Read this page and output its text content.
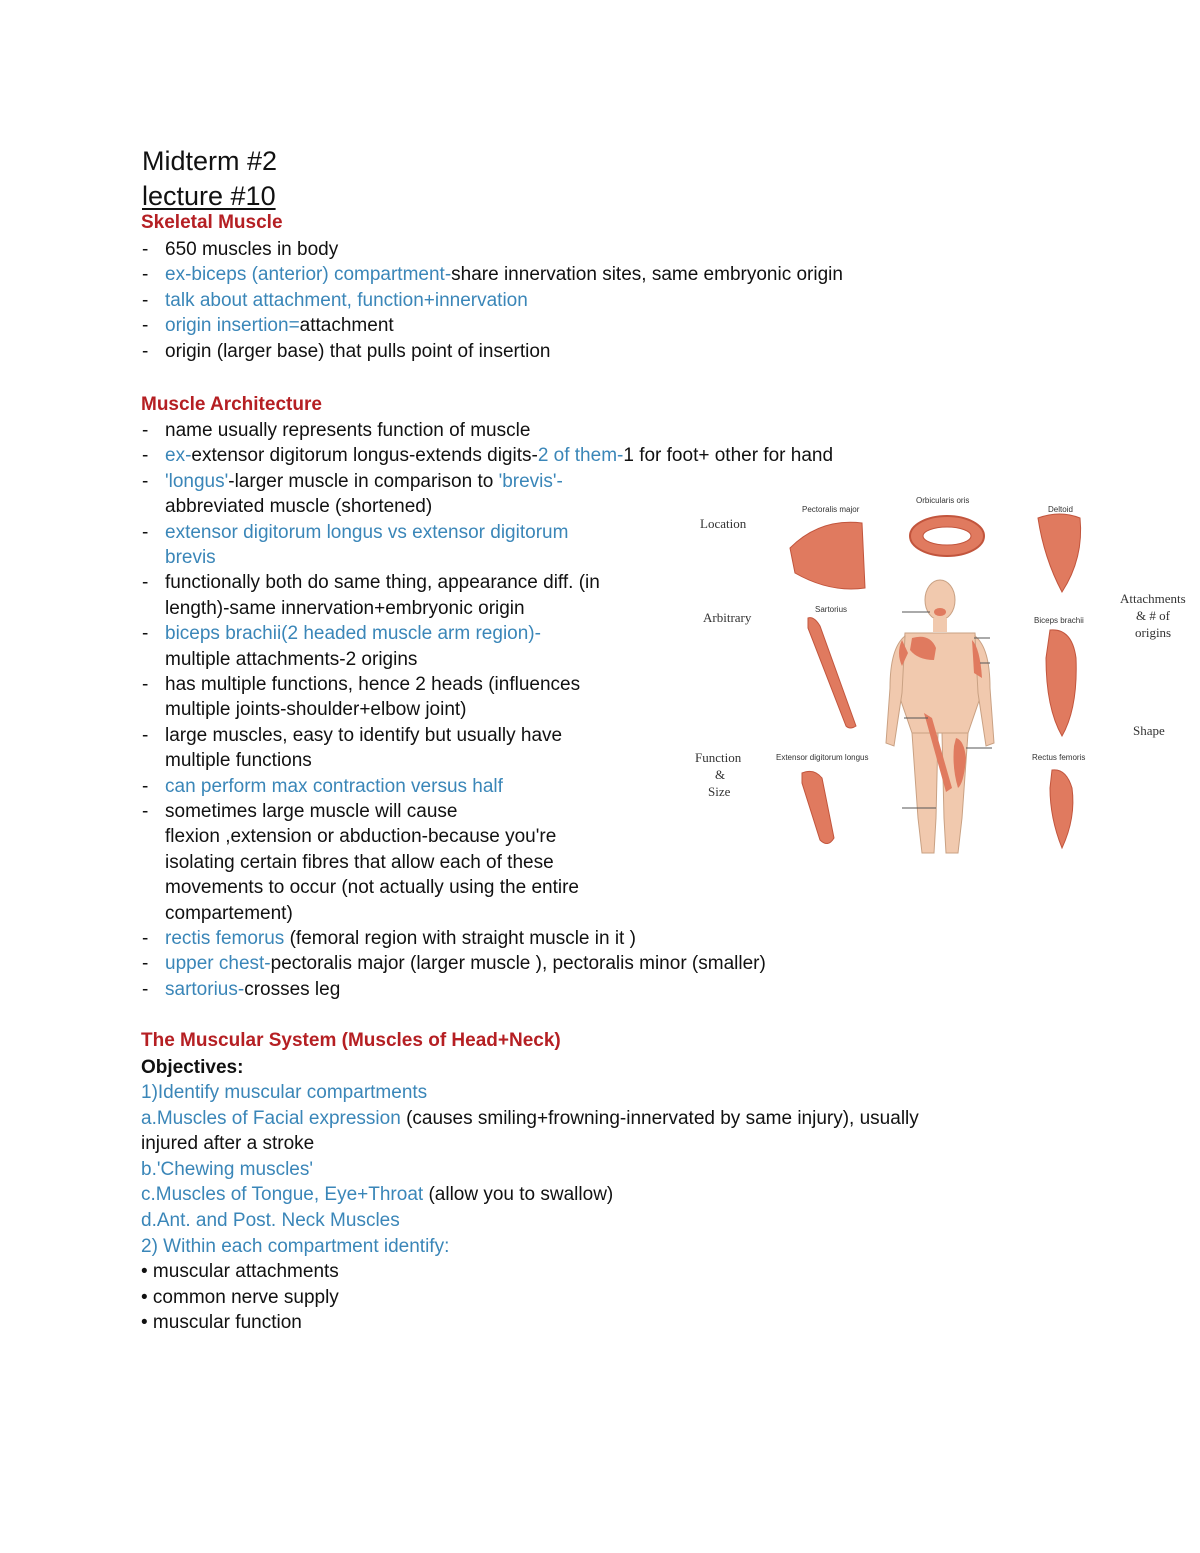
Midterm #2
lecture #10
Skeletal Muscle
- 650 muscles in body
- ex-biceps (anterior) compartment-share innervation sites, same embryonic origin
- talk about attachment, function+innervation
- origin insertion=attachment
- origin (larger base) that pulls point of insertion
Muscle Architecture
- name usually represents function of muscle
- ex-extensor digitorum longus-extends digits-2 of them-1 for foot+ other for hand
- 'longus'-larger muscle in comparison to 'brevis'-
abbreviated muscle (shortened)
- extensor digitorum longus vs extensor digitorum
brevis
- functionally both do same thing, appearance diff. (in
length)-same innervation+embryonic origin
- biceps brachii(2 headed muscle arm region)-
multiple attachments-2 origins
- has multiple functions, hence 2 heads (influences
multiple joints-shoulder+elbow joint)
- large muscles, easy to identify but usually have
multiple functions
- can perform max contraction versus half
- sometimes large muscle will cause
flexion ,extension or abduction-because you're
isolating certain fibres that allow each of these
movements to occur (not actually using the entire
compartement)
- rectis femorus (femoral region with straight muscle in it )
- upper chest-pectoralis major (larger muscle ), pectoralis minor (smaller)
- sartorius-crosses leg
The Muscular System (Muscles of Head+Neck)
Objectives:
1)Identify muscular compartments
a.Muscles of Facial expression (causes smiling+frowning-innervated by same injury), usually
injured after a stroke
b.'Chewing muscles'
c.Muscles of Tongue, Eye+Throat (allow you to swallow)
d.Ant. and Post. Neck Muscles
2) Within each compartment identify:
• muscular attachments
• common nerve supply
• muscular function
Location
Arbitrary
Function
&
Size
Attachments
& # of
origins
Shape
Pectoralis major
Orbicularis oris
Deltoid
Sartorius
Biceps brachii
Extensor digitorum longus	Rectus femoris
